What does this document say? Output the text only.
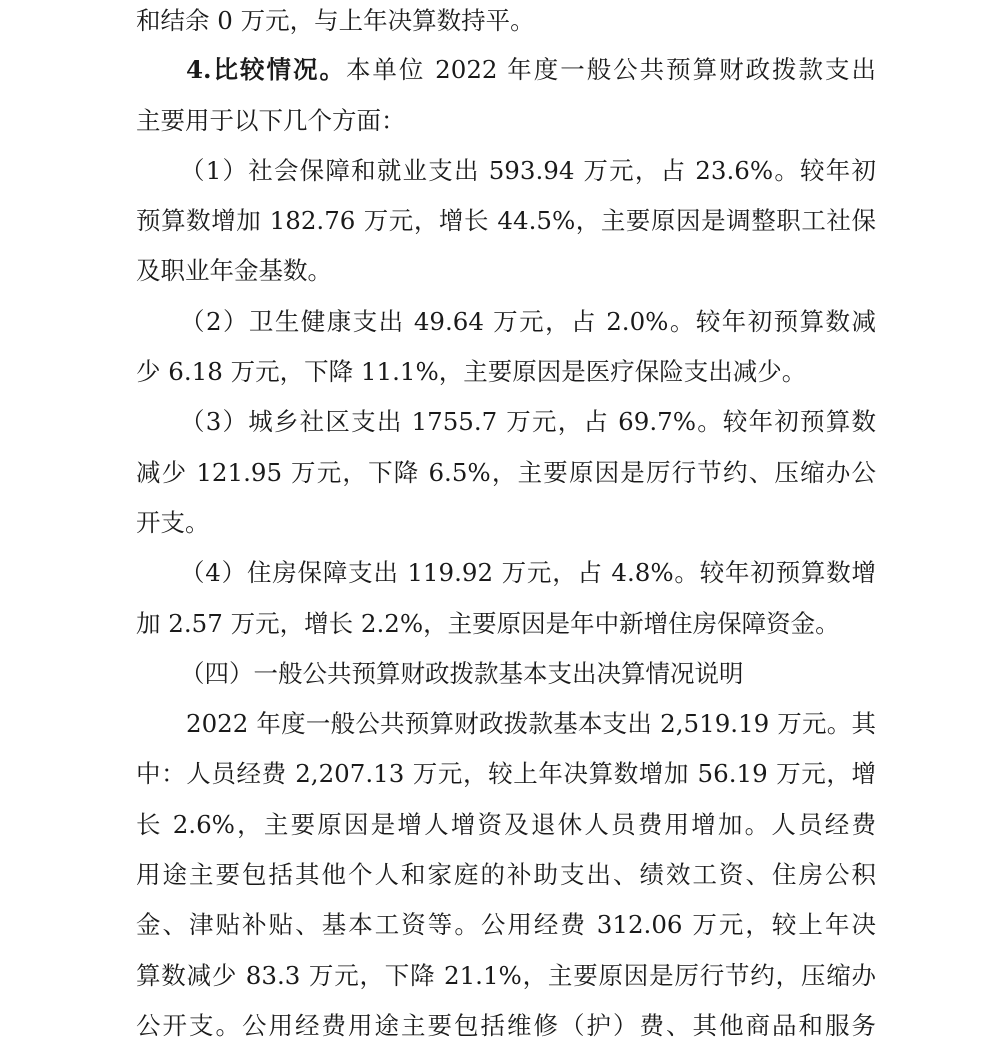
和结余 0 万元，与上年决算数持平。
4.比较情况。本单位 2022 年度一般公共预算财政拨款支出
主要用于以下几个方面：
（1）社会保障和就业支出 593.94 万元，占 23.6%。较年初
预算数增加 182.76 万元，增长 44.5%，主要原因是调整职工社保
及职业年金基数。
（2）卫生健康支出 49.64 万元，占 2.0%。较年初预算数减
少 6.18 万元，下降 11.1%，主要原因是医疗保险支出减少。
（3）城乡社区支出 1755.7 万元，占 69.7%。较年初预算数
减少 121.95 万元，下降 6.5%，主要原因是厉行节约、压缩办公
开支。
（4）住房保障支出 119.92 万元，占 4.8%。较年初预算数增
加 2.57 万元，增长 2.2%，主要原因是年中新增住房保障资金。
（四）一般公共预算财政拨款基本支出决算情况说明
2022 年度一般公共预算财政拨款基本支出 2,519.19 万元。其
中：人员经费 2,207.13 万元，较上年决算数增加 56.19 万元，增
长 2.6%，主要原因是增人增资及退休人员费用增加。人员经费
用途主要包括其他个人和家庭的补助支出、绩效工资、住房公积
金、津贴补贴、基本工资等。公用经费 312.06 万元，较上年决
算数减少 83.3 万元，下降 21.1%，主要原因是厉行节约，压缩办
公开支。公用经费用途主要包括维修（护）费、其他商品和服务
